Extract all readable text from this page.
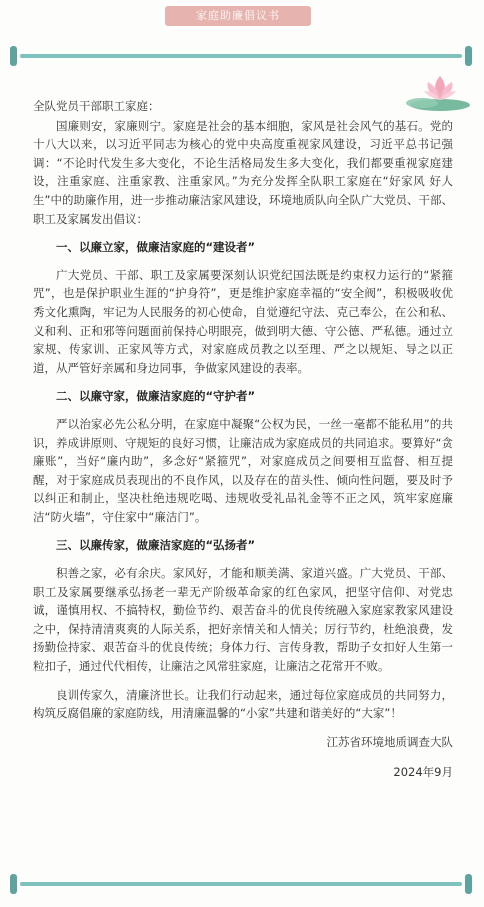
家庭助廉倡议书

全队党员干部职工家庭：

国廉则安，家廉则宁。家庭是社会的基本细胞，家风是社会风气的基石。党的十八大以来，以习近平同志为核心的党中央高度重视家风建设，习近平总书记强调：“不论时代发生多大变化，不论生活格局发生多大变化，我们都要重视家庭建设，注重家庭、注重家教、注重家风。”为充分发挥全队职工家庭在“好家风 好人生”中的助廉作用，进一步推动廉洁家风建设，环境地质队向全队广大党员、干部、职工及家属发出倡议：

一、以廉立家，做廉洁家庭的“建设者”

广大党员、干部、职工及家属要深刻认识党纪国法既是约束权力运行的“紧箍咒”，也是保护职业生涯的“护身符”，更是维护家庭幸福的“安全阀”，积极吸收优秀文化熏陶，牢记为人民服务的初心使命，自觉遵纪守法、克己奉公，在公和私、义和利、正和邪等问题面前保持心明眼亮，做到明大德、守公德、严私德。通过立家规、传家训、正家风等方式，对家庭成员教之以至理、严之以规矩、导之以正道，从严管好亲属和身边同事，争做家风建设的表率。

二、以廉守家，做廉洁家庭的“守护者”

严以治家必先公私分明，在家庭中凝聚“公权为民，一丝一毫都不能私用”的共识，养成讲原则、守规矩的良好习惯，让廉洁成为家庭成员的共同追求。要算好“贪廉账”，当好“廉内助”，多念好“紧箍咒”，对家庭成员之间要相互监督、相互提醒，对于家庭成员表现出的不良作风，以及存在的苗头性、倾向性问题，要及时予以纠正和制止，坚决杜绝违规吃喝、违规收受礼品礼金等不正之风，筑牢家庭廉洁“防火墙”，守住家中“廉洁门”。

三、以廉传家，做廉洁家庭的“弘扬者”

积善之家，必有余庆。家风好，才能和顺美满、家道兴盛。广大党员、干部、职工及家属要继承弘扬老一辈无产阶级革命家的红色家风，把坚守信仰、对党忠诚，谨慎用权、不搞特权，勤俭节约、艰苦奋斗的优良传统融入家庭家教家风建设之中，保持清清爽爽的人际关系，把好亲情关和人情关；厉行节约，杜绝浪费，发扬勤俭持家、艰苦奋斗的优良传统；身体力行、言传身教，帮助子女扣好人生第一粒扣子，通过代代相传，让廉洁之风常驻家庭，让廉洁之花常开不败。

良训传家久，清廉济世长。让我们行动起来，通过每位家庭成员的共同努力，构筑反腐倡廉的家庭防线，用清廉温馨的“小家”共建和谐美好的“大家”！

江苏省环境地质调查大队

2024年9月
